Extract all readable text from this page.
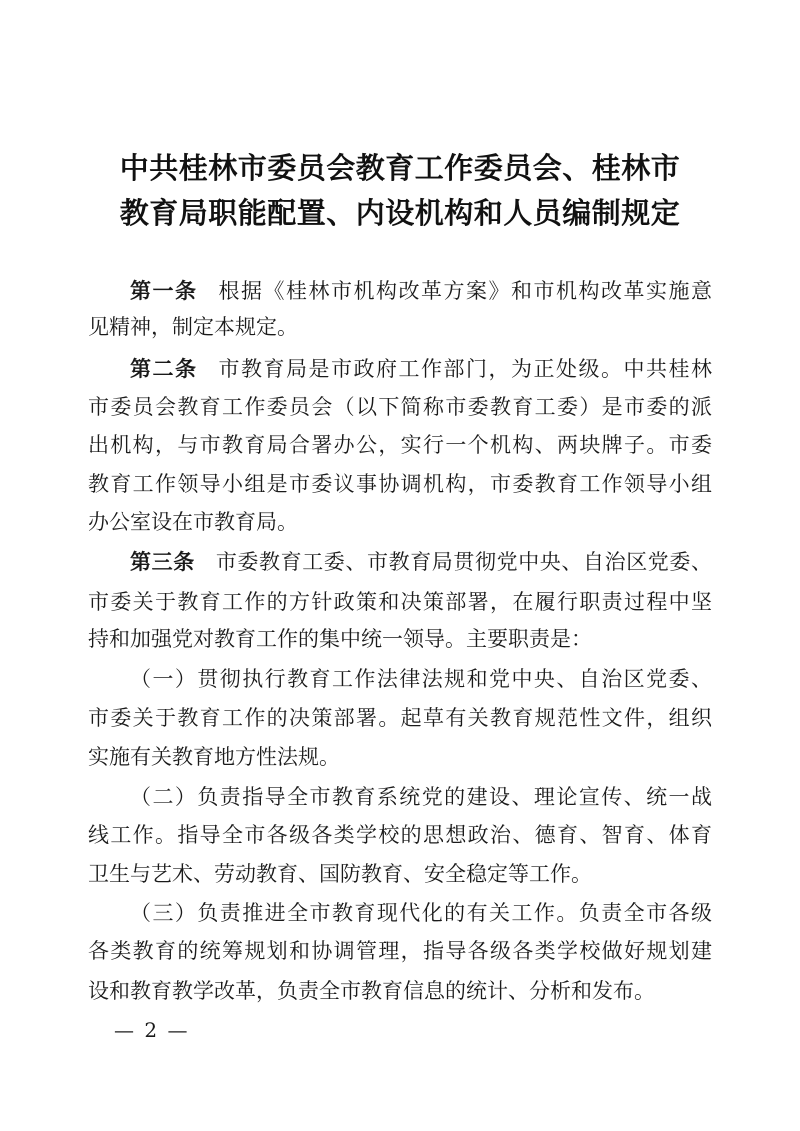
中共桂林市委员会教育工作委员会、桂林市
教育局职能配置、内设机构和人员编制规定
第一条 根据《桂林市机构改革方案》和市机构改革实施意
见精神，制定本规定。
第二条 市教育局是市政府工作部门，为正处级。中共桂林
市委员会教育工作委员会（以下简称市委教育工委）是市委的派
出机构，与市教育局合署办公，实行一个机构、两块牌子。市委
教育工作领导小组是市委议事协调机构，市委教育工作领导小组
办公室设在市教育局。
第三条 市委教育工委、市教育局贯彻党中央、自治区党委、
市委关于教育工作的方针政策和决策部署，在履行职责过程中坚
持和加强党对教育工作的集中统一领导。主要职责是：
（一）贯彻执行教育工作法律法规和党中央、自治区党委、
市委关于教育工作的决策部署。起草有关教育规范性文件，组织
实施有关教育地方性法规。
（二）负责指导全市教育系统党的建设、理论宣传、统一战
线工作。指导全市各级各类学校的思想政治、德育、智育、体育
卫生与艺术、劳动教育、国防教育、安全稳定等工作。
（三）负责推进全市教育现代化的有关工作。负责全市各级
各类教育的统筹规划和协调管理，指导各级各类学校做好规划建
设和教育教学改革，负责全市教育信息的统计、分析和发布。
— 2 —
